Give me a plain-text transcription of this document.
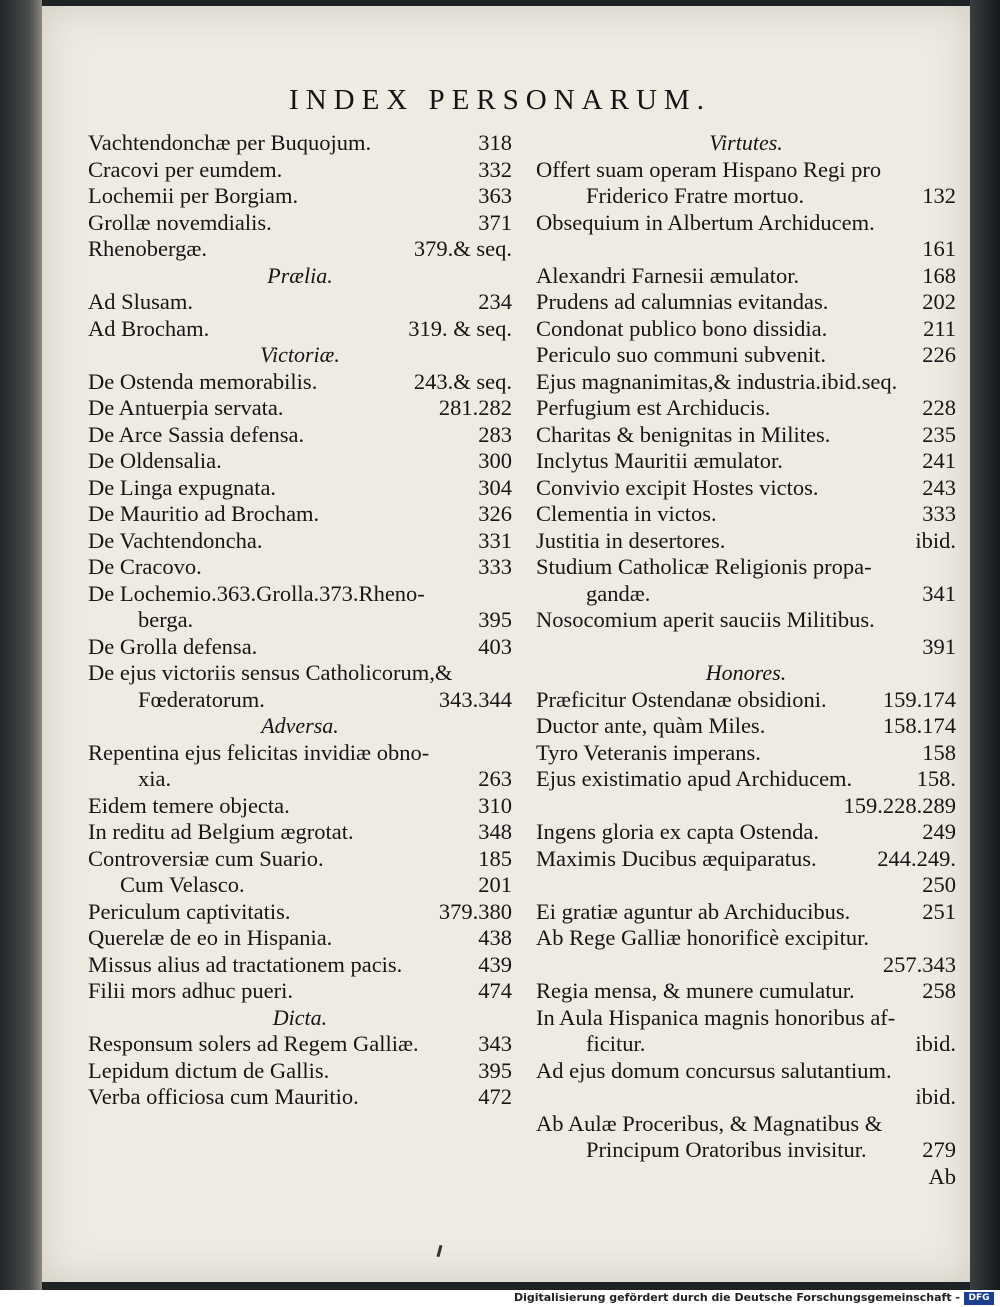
INDEX PERSONARUM.
Vachtendonchæ per Buquojum.	318
Cracovi per eumdem.	332
Lochemii per Borgiam.	363
Grollæ novemdialis.	371
Rhenobergæ.	379.& seq.
Prælia.
Ad Slusam.	234
Ad Brocham.	319. & seq.
Victoriæ.
De Ostenda memorabilis.	243.& seq.
De Antuerpia servata.	281.282
De Arce Sassia defensa.	283
De Oldensalia.	300
De Linga expugnata.	304
De Mauritio ad Brocham.	326
De Vachtendoncha.	331
De Cracovo.	333
De Lochemio.363.Grolla.373.Rheno-
berga.	395
De Grolla defensa.	403
De ejus victoriis sensus Catholicorum,&
Fœderatorum.	343.344
Adversa.
Repentina ejus felicitas invidiæ obno-
xia.	263
Eidem temere objecta.	310
In reditu ad Belgium ægrotat.	348
Controversiæ cum Suario.	185
Cum Velasco.	201
Periculum captivitatis.	379.380
Querelæ de eo in Hispania.	438
Missus alius ad tractationem pacis.	439
Filii mors adhuc pueri.	474
Dicta.
Responsum solers ad Regem Galliæ.	343
Lepidum dictum de Gallis.	395
Verba officiosa cum Mauritio.	472
Virtutes.
Offert suam operam Hispano Regi pro
Friderico Fratre mortuo.	132
Obsequium in Albertum Archiducem.
161
Alexandri Farnesii æmulator.	168
Prudens ad calumnias evitandas.	202
Condonat publico bono dissidia.	211
Periculo suo communi subvenit.	226
Ejus magnanimitas,& industria.ibid.seq.
Perfugium est Archiducis.	228
Charitas & benignitas in Milites.	235
Inclytus Mauritii æmulator.	241
Convivio excipit Hostes victos.	243
Clementia in victos.	333
Justitia in desertores.	ibid.
Studium Catholicæ Religionis propa-
gandæ.	341
Nosocomium aperit sauciis Militibus.
391
Honores.
Præficitur Ostendanæ obsidioni.	159.174
Ductor ante, quàm Miles.	158.174
Tyro Veteranis imperans.	158
Ejus existimatio apud Archiducem.	158.
159.228.289
Ingens gloria ex capta Ostenda.	249
Maximis Ducibus æquiparatus.	244.249.
250
Ei gratiæ aguntur ab Archiducibus.	251
Ab Rege Galliæ honorificè excipitur.
257.343
Regia mensa, & munere cumulatur.	258
In Aula Hispanica magnis honoribus af-
ficitur.	ibid.
Ad ejus domum concursus salutantium.
ibid.
Ab Aulæ Proceribus, & Magnatibus &
Principum Oratoribus invisitur. 279
Ab
Digitalisierung gefördert durch die Deutsche Forschungsgemeinschaft - DFG
